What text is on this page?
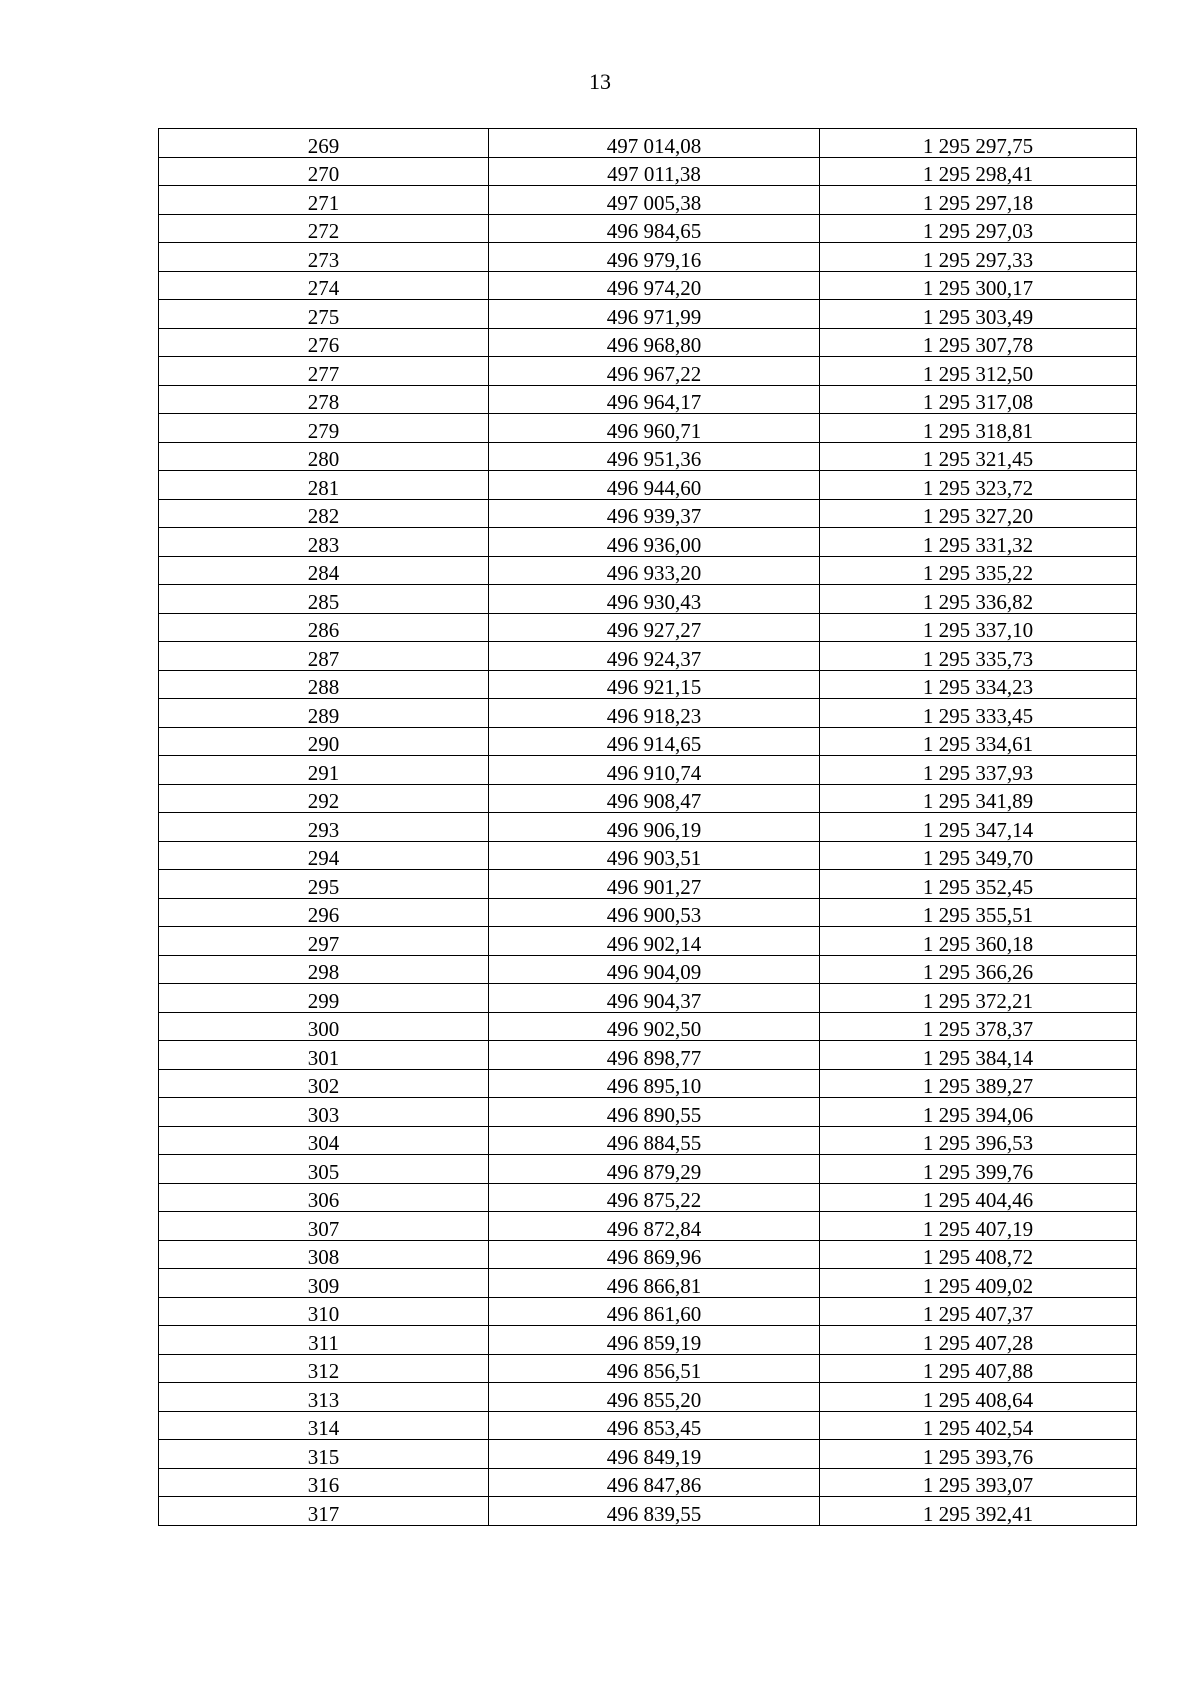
13
269	497 014,08	1 295 297,75
270	497 011,38	1 295 298,41
271	497 005,38	1 295 297,18
272	496 984,65	1 295 297,03
273	496 979,16	1 295 297,33
274	496 974,20	1 295 300,17
275	496 971,99	1 295 303,49
276	496 968,80	1 295 307,78
277	496 967,22	1 295 312,50
278	496 964,17	1 295 317,08
279	496 960,71	1 295 318,81
280	496 951,36	1 295 321,45
281	496 944,60	1 295 323,72
282	496 939,37	1 295 327,20
283	496 936,00	1 295 331,32
284	496 933,20	1 295 335,22
285	496 930,43	1 295 336,82
286	496 927,27	1 295 337,10
287	496 924,37	1 295 335,73
288	496 921,15	1 295 334,23
289	496 918,23	1 295 333,45
290	496 914,65	1 295 334,61
291	496 910,74	1 295 337,93
292	496 908,47	1 295 341,89
293	496 906,19	1 295 347,14
294	496 903,51	1 295 349,70
295	496 901,27	1 295 352,45
296	496 900,53	1 295 355,51
297	496 902,14	1 295 360,18
298	496 904,09	1 295 366,26
299	496 904,37	1 295 372,21
300	496 902,50	1 295 378,37
301	496 898,77	1 295 384,14
302	496 895,10	1 295 389,27
303	496 890,55	1 295 394,06
304	496 884,55	1 295 396,53
305	496 879,29	1 295 399,76
306	496 875,22	1 295 404,46
307	496 872,84	1 295 407,19
308	496 869,96	1 295 408,72
309	496 866,81	1 295 409,02
310	496 861,60	1 295 407,37
311	496 859,19	1 295 407,28
312	496 856,51	1 295 407,88
313	496 855,20	1 295 408,64
314	496 853,45	1 295 402,54
315	496 849,19	1 295 393,76
316	496 847,86	1 295 393,07
317	496 839,55	1 295 392,41
